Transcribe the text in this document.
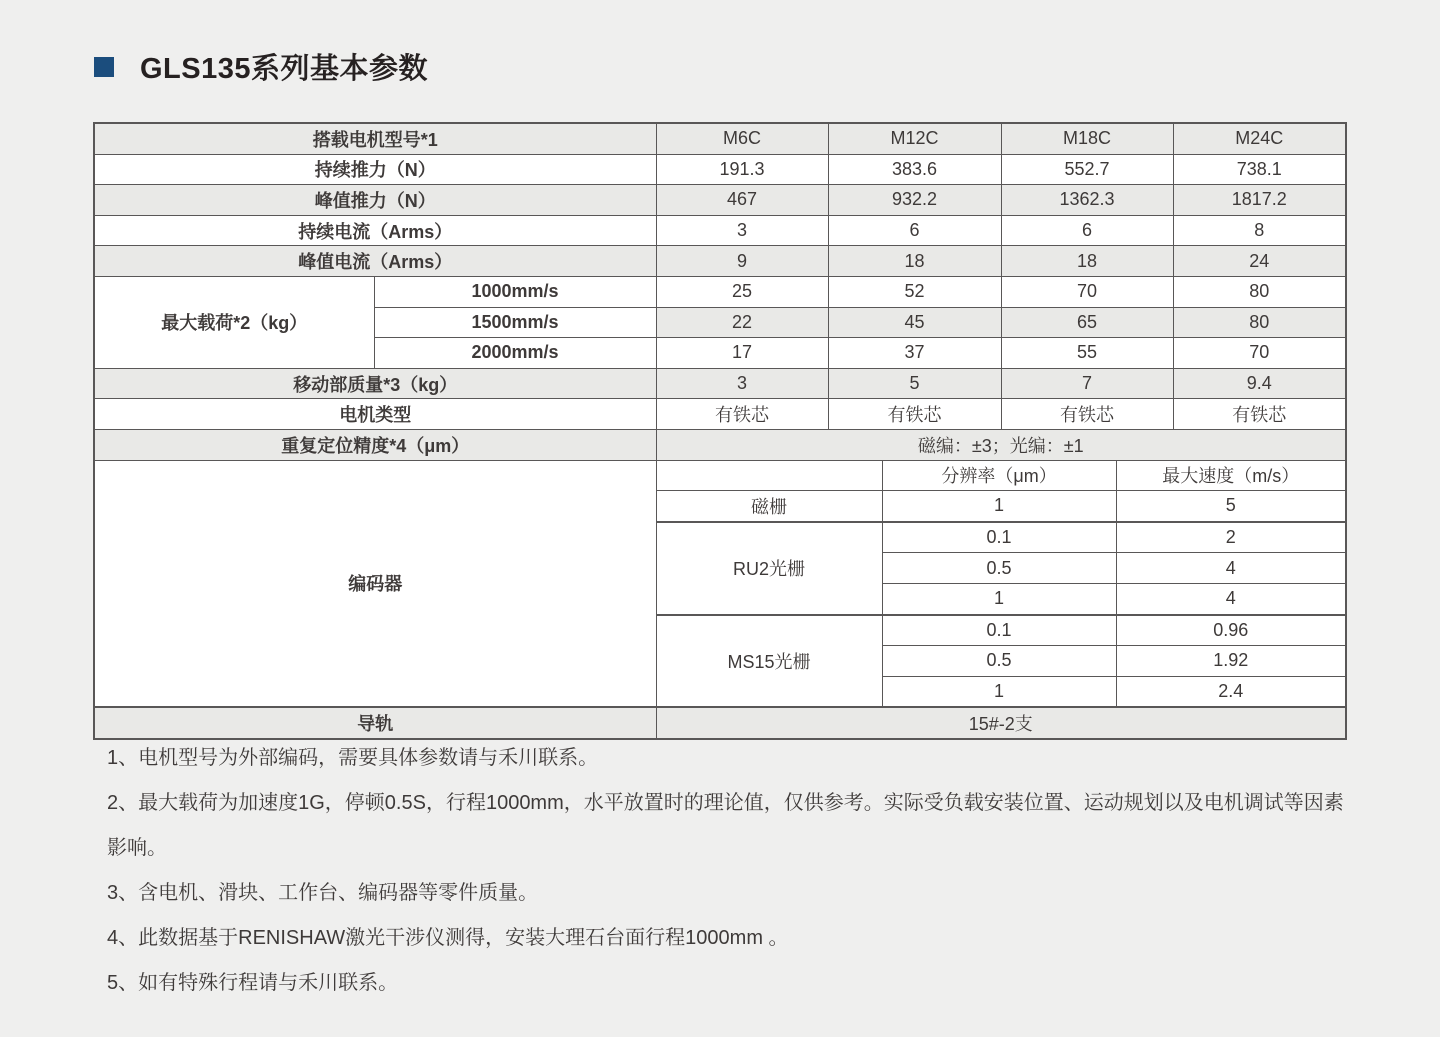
GLS135系列基本参数
搭载电机型号*1		M6C	M12C		M18C		M24C
持续推力（N）		191.3	383.6		552.7		738.1
峰值推力（N）		467	932.2		1362.3		1817.2
持续电流（Arms）		3	6		6		8
峰值电流（Arms）		9	18		18		24
最大载荷*2（kg）	1000mm/s	25	52		70		80
	1500mm/s	22	45		65		80
	2000mm/s	17	37		55		70
移动部质量*3（kg）		3	5		7		9.4
电机类型		有铁芯	有铁芯		有铁芯		有铁芯
重复定位精度*4（μm）		磁编：±3；光编：±1					
编码器				分辨率（μm）		最大速度（m/s）	
		磁栅		1		5	
		RU2光栅		0.1		2	
				0.5		4	
				1		4	
		MS15光栅		0.1		0.96	
				0.5		1.92	
				1		2.4	
导轨		15#-2支					

1、电机型号为外部编码，需要具体参数请与禾川联系。

2、最大载荷为加速度1G，停顿0.5S，行程1000mm，水平放置时的理论值，仅供参考。实际受负载安装位置、运动规划以及电机调试等因素影响。

3、含电机、滑块、工作台、编码器等零件质量。

4、此数据基于RENISHAW激光干涉仪测得，安装大理石台面行程1000mm 。

5、如有特殊行程请与禾川联系。
